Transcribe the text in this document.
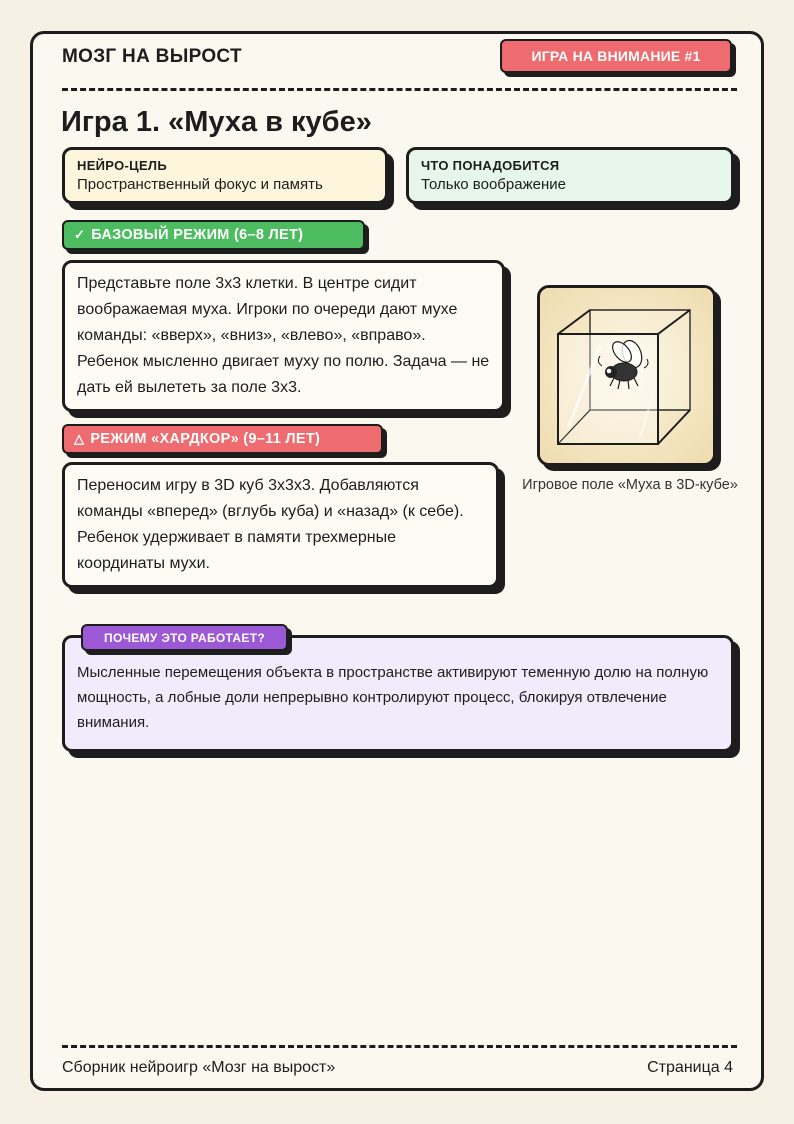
МОЗГ НА ВЫРОСТ	ИГРА НА ВНИМАНИЕ #1
Игра 1. «Муха в кубе»
НЕЙРО-ЦЕЛЬ
Пространственный фокус и память
ЧТО ПОНАДОБИТСЯ
Только воображение
✓ БАЗОВЫЙ РЕЖИМ (6–8 ЛЕТ)
Представьте поле 3x3 клетки. В центре сидит воображаемая муха. Игроки по очереди дают мухе команды: «вверх», «вниз», «влево», «вправо». Ребенок мысленно двигает муху по полю. Задача — не дать ей вылететь за поле 3x3.
△ РЕЖИМ «ХАРДКОР» (9–11 ЛЕТ)
Переносим игру в 3D куб 3x3x3. Добавляются команды «вперед» (вглубь куба) и «назад» (к себе). Ребенок удерживает в памяти трехмерные координаты мухи.
Игровое поле «Муха в 3D-кубе»
Мысленные перемещения объекта в пространстве активируют теменную долю на полную мощность, а лобные доли непрерывно контролируют процесс, блокируя отвлечение внимания.
ПОЧЕМУ ЭТО РАБОТАЕТ?
Сборник нейроигр «Мозг на вырост»	Страница 4
